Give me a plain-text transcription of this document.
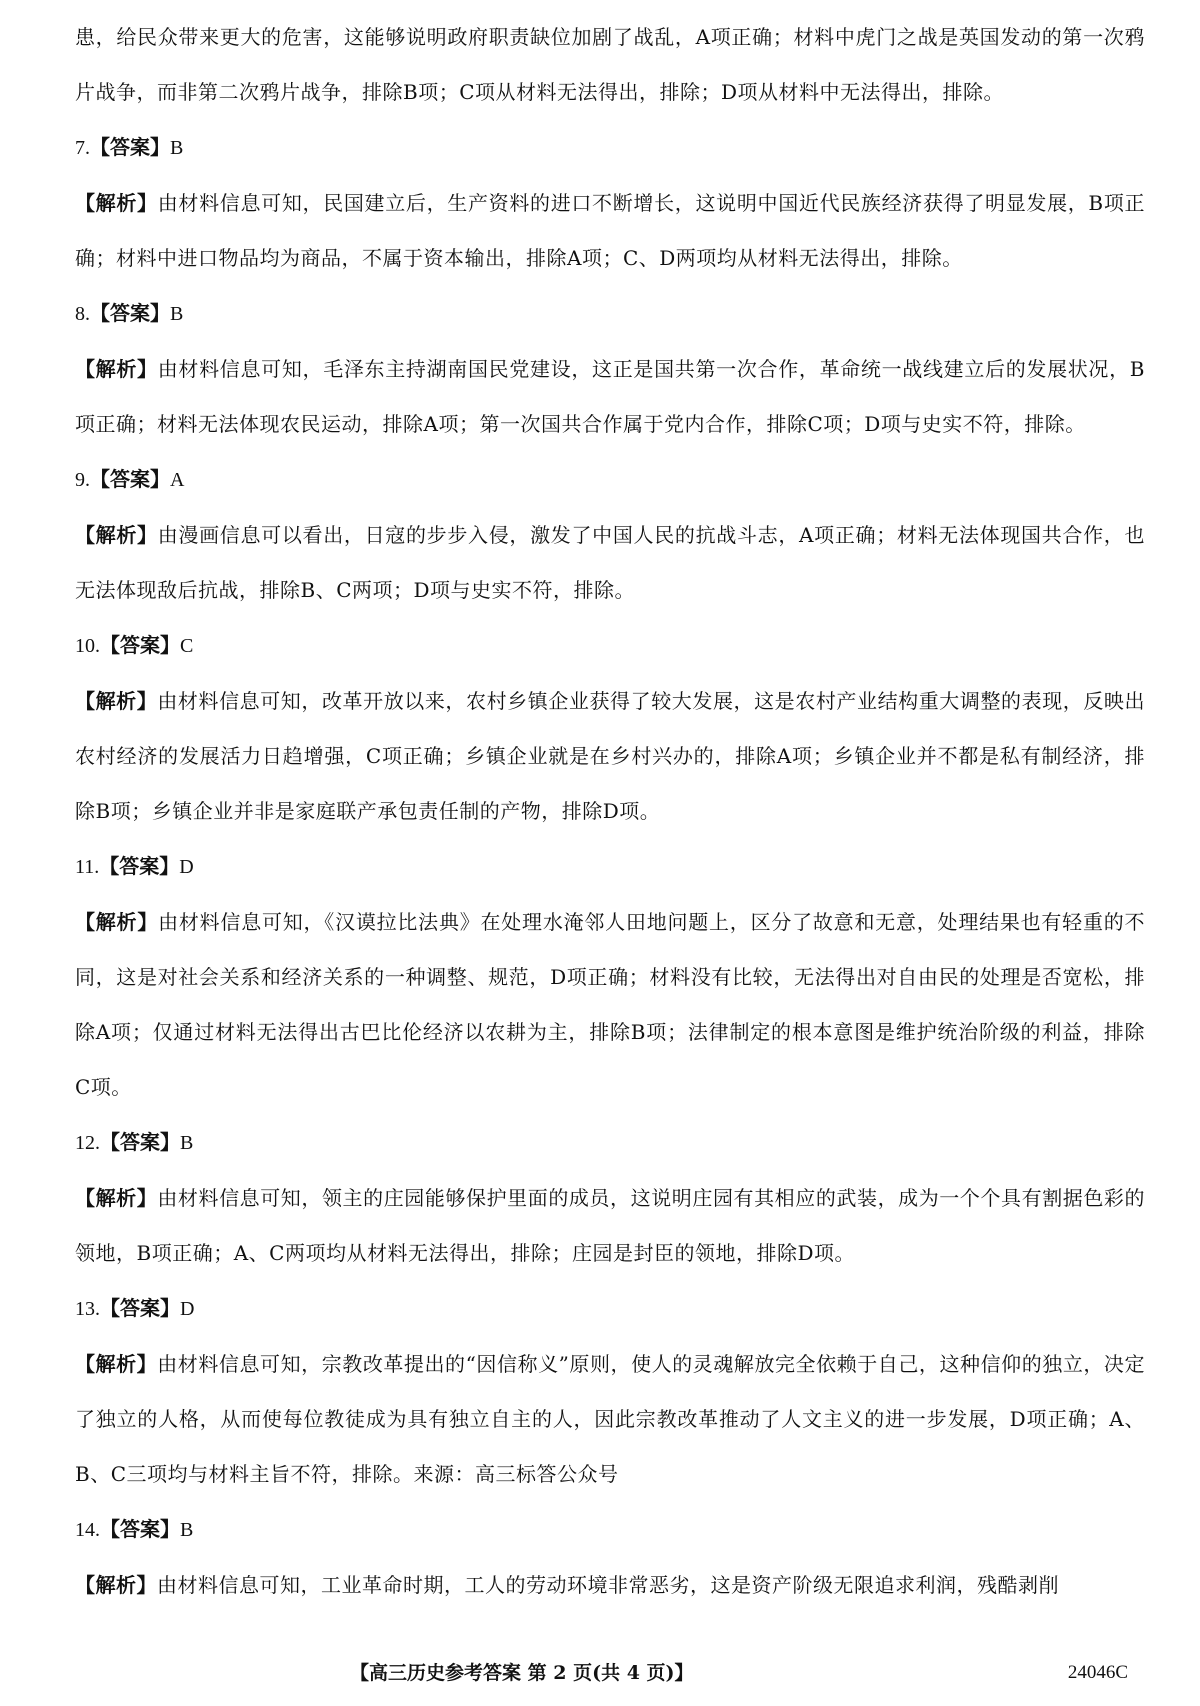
患，给民众带来更大的危害，这能够说明政府职责缺位加剧了战乱，A项正确；材料中虎门之战是英国发动的第一次鸦片战争，而非第二次鸦片战争，排除B项；C项从材料无法得出，排除；D项从材料中无法得出，排除。

7.【答案】B

【解析】由材料信息可知，民国建立后，生产资料的进口不断增长，这说明中国近代民族经济获得了明显发展，B项正确；材料中进口物品均为商品，不属于资本输出，排除A项；C、D两项均从材料无法得出，排除。

8.【答案】B

【解析】由材料信息可知，毛泽东主持湖南国民党建设，这正是国共第一次合作，革命统一战线建立后的发展状况，B项正确；材料无法体现农民运动，排除A项；第一次国共合作属于党内合作，排除C项；D项与史实不符，排除。

9.【答案】A

【解析】由漫画信息可以看出，日寇的步步入侵，激发了中国人民的抗战斗志，A项正确；材料无法体现国共合作，也无法体现敌后抗战，排除B、C两项；D项与史实不符，排除。

10.【答案】C

【解析】由材料信息可知，改革开放以来，农村乡镇企业获得了较大发展，这是农村产业结构重大调整的表现，反映出农村经济的发展活力日趋增强，C项正确；乡镇企业就是在乡村兴办的，排除A项；乡镇企业并不都是私有制经济，排除B项；乡镇企业并非是家庭联产承包责任制的产物，排除D项。

11.【答案】D

【解析】由材料信息可知，《汉谟拉比法典》在处理水淹邻人田地问题上，区分了故意和无意，处理结果也有轻重的不同，这是对社会关系和经济关系的一种调整、规范，D项正确；材料没有比较，无法得出对自由民的处理是否宽松，排除A项；仅通过材料无法得出古巴比伦经济以农耕为主，排除B项；法律制定的根本意图是维护统治阶级的利益，排除C项。

12.【答案】B

【解析】由材料信息可知，领主的庄园能够保护里面的成员，这说明庄园有其相应的武装，成为一个个具有割据色彩的领地，B项正确；A、C两项均从材料无法得出，排除；庄园是封臣的领地，排除D项。

13.【答案】D

【解析】由材料信息可知，宗教改革提出的“因信称义”原则，使人的灵魂解放完全依赖于自己，这种信仰的独立，决定了独立的人格，从而使每位教徒成为具有独立自主的人，因此宗教改革推动了人文主义的进一步发展，D项正确；A、B、C三项均与材料主旨不符，排除。来源：高三标答公众号

14.【答案】B

【解析】由材料信息可知，工业革命时期，工人的劳动环境非常恶劣，这是资产阶级无限追求利润，残酷剥削

【高三历史参考答案 第 2 页(共 4 页)】	24046C
